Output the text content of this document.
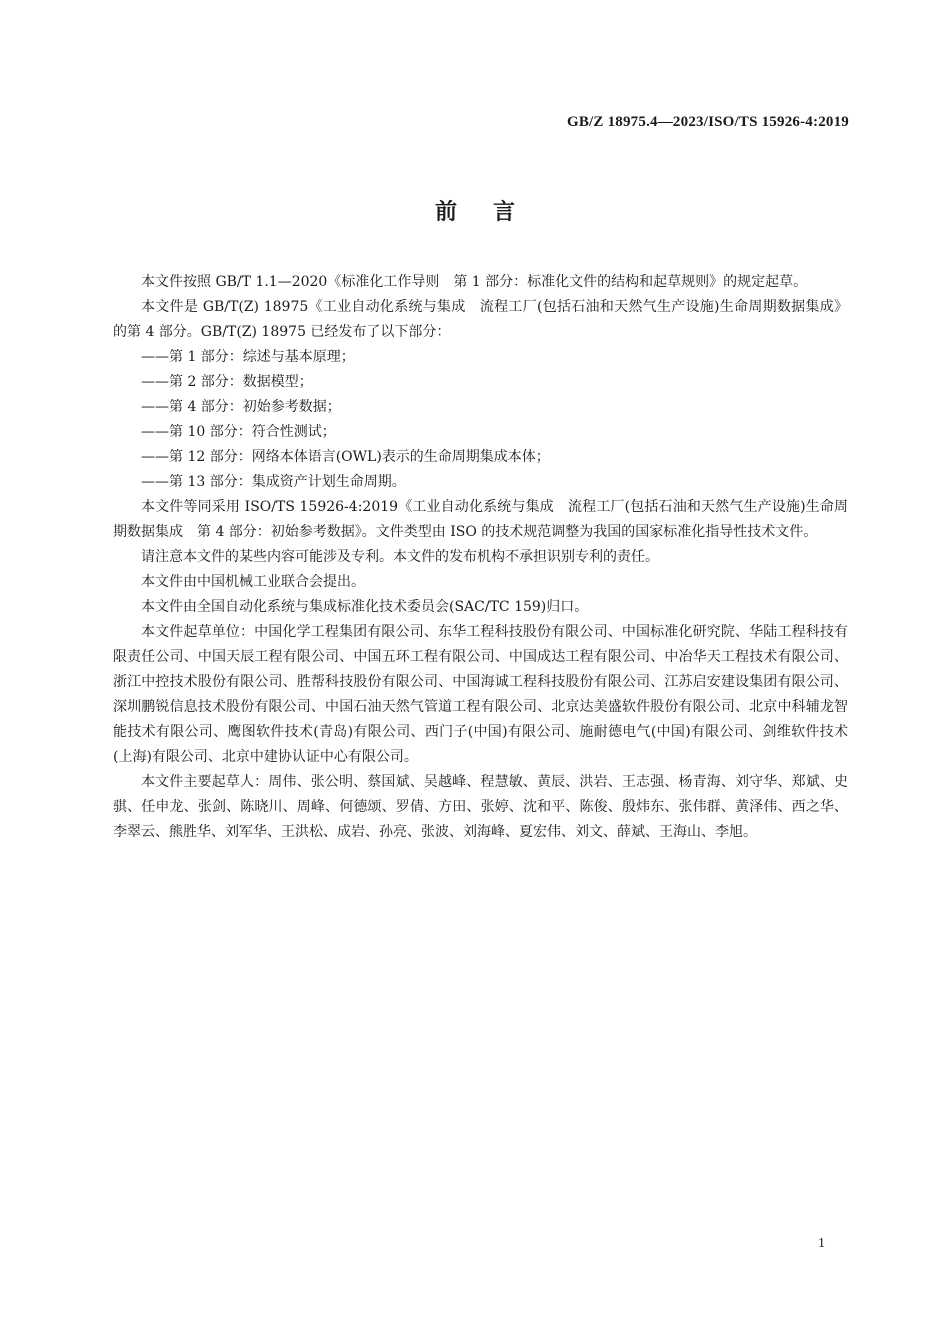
GB/Z 18975.4—2023/ISO/TS 15926-4:2019
前言

本文件按照 GB/T 1.1—2020《标准化工作导则　第 1 部分：标准化文件的结构和起草规则》的规定起草。

本文件是 GB/T(Z) 18975《工业自动化系统与集成　流程工厂(包括石油和天然气生产设施)生命周期数据集成》的第 4 部分。GB/T(Z) 18975 已经发布了以下部分：

——第 1 部分：综述与基本原理；

——第 2 部分：数据模型；

——第 4 部分：初始参考数据；

——第 10 部分：符合性测试；

——第 12 部分：网络本体语言(OWL)表示的生命周期集成本体；

——第 13 部分：集成资产计划生命周期。

本文件等同采用 ISO/TS 15926-4:2019《工业自动化系统与集成　流程工厂(包括石油和天然气生产设施)生命周期数据集成　第 4 部分：初始参考数据》。文件类型由 ISO 的技术规范调整为我国的国家标准化指导性技术文件。

请注意本文件的某些内容可能涉及专利。本文件的发布机构不承担识别专利的责任。

本文件由中国机械工业联合会提出。

本文件由全国自动化系统与集成标准化技术委员会(SAC/TC 159)归口。

本文件起草单位：中国化学工程集团有限公司、东华工程科技股份有限公司、中国标准化研究院、华陆工程科技有限责任公司、中国天辰工程有限公司、中国五环工程有限公司、中国成达工程有限公司、中冶华天工程技术有限公司、浙江中控技术股份有限公司、胜帮科技股份有限公司、中国海诚工程科技股份有限公司、江苏启安建设集团有限公司、深圳鹏锐信息技术股份有限公司、中国石油天然气管道工程有限公司、北京达美盛软件股份有限公司、北京中科辅龙智能技术有限公司、鹰图软件技术(青岛)有限公司、西门子(中国)有限公司、施耐德电气(中国)有限公司、剑维软件技术(上海)有限公司、北京中建协认证中心有限公司。

本文件主要起草人：周伟、张公明、蔡国斌、吴越峰、程慧敏、黄辰、洪岩、王志强、杨青海、刘守华、郑斌、史骐、任申龙、张剑、陈晓川、周峰、何德颂、罗倩、方田、张婷、沈和平、陈俊、殷炜东、张伟群、黄泽伟、西之华、李翠云、熊胜华、刘军华、王洪松、成岩、孙亮、张波、刘海峰、夏宏伟、刘文、薛斌、王海山、李旭。

1
